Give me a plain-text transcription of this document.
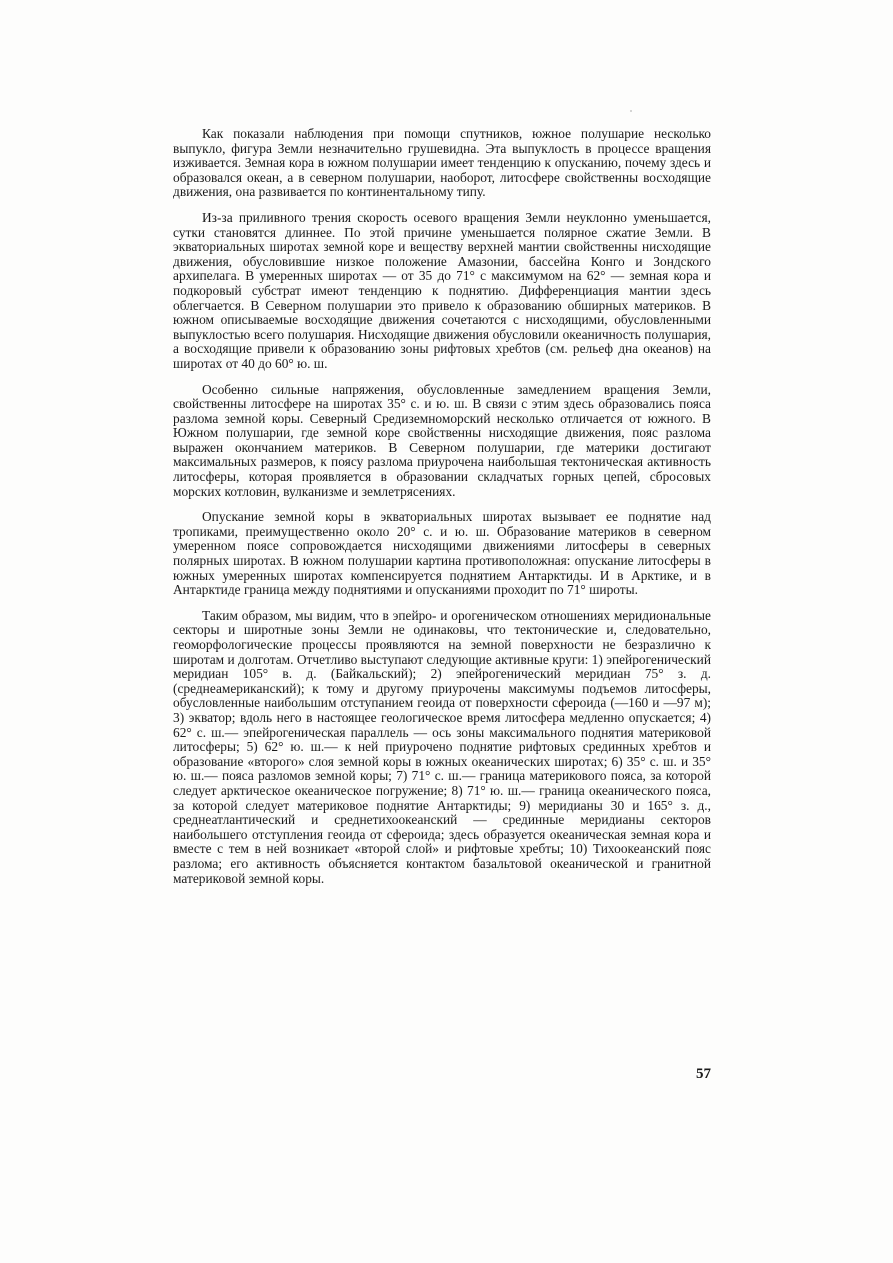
Как показали наблюдения при помощи спутников, южное полушарие несколько выпукло, фигура Земли незначительно грушевидна. Эта выпуклость в процессе вращения изживается. Земная кора в южном полушарии имеет тенденцию к опусканию, почему здесь и образовался океан, а в северном полушарии, наоборот, литосфере свойственны восходящие движения, она развивается по континентальному типу.

Из-за приливного трения скорость осевого вращения Земли неуклонно уменьшается, сутки становятся длиннее. По этой причине уменьшается полярное сжатие Земли. В экваториальных широтах земной коре и веществу верхней мантии свойственны нисходящие движения, обусловившие низкое положение Амазонии, бассейна Конго и Зондского архипелага. В умеренных широтах — от 35 до 71° с максимумом на 62° — земная кора и подкоровый субстрат имеют тенденцию к поднятию. Дифференциация мантии здесь облегчается. В Северном полушарии это привело к образованию обширных материков. В южном описываемые восходящие движения сочетаются с нисходящими, обусловленными выпуклостью всего полушария. Нисходящие движения обусловили океаничность полушария, а восходящие привели к образованию зоны рифтовых хребтов (см. рельеф дна океанов) на широтах от 40 до 60° ю. ш.

Особенно сильные напряжения, обусловленные замедлением вращения Земли, свойственны литосфере на широтах 35° с. и ю. ш. В связи с этим здесь образовались пояса разлома земной коры. Северный Средиземноморский несколько отличается от южного. В Южном полушарии, где земной коре свойственны нисходящие движения, пояс разлома выражен окончанием материков. В Северном полушарии, где материки достигают максимальных размеров, к поясу разлома приурочена наибольшая тектоническая активность литосферы, которая проявляется в образовании складчатых горных цепей, сбросовых морских котловин, вулканизме и землетрясениях.

Опускание земной коры в экваториальных широтах вызывает ее поднятие над тропиками, преимущественно около 20° с. и ю. ш. Образование материков в северном умеренном поясе сопровождается нисходящими движениями литосферы в северных полярных широтах. В южном полушарии картина противоположная: опускание литосферы в южных умеренных широтах компенсируется поднятием Антарктиды. И в Арктике, и в Антарктиде граница между поднятиями и опусканиями проходит по 71° широты.

Таким образом, мы видим, что в эпейро- и орогеническом отношениях меридиональные секторы и широтные зоны Земли не одинаковы, что тектонические и, следовательно, геоморфологические процессы проявляются на земной поверхности не безразлично к широтам и долготам. Отчетливо выступают следующие активные круги: 1) эпейрогенический меридиан 105° в. д. (Байкальский); 2) эпейрогенический меридиан 75° з. д. (среднеамериканский); к тому и другому приурочены максимумы подъемов литосферы, обусловленные наибольшим отступанием геоида от поверхности сфероида (—160 и —97 м); 3) экватор; вдоль него в настоящее геологическое время литосфера медленно опускается; 4) 62° с. ш.— эпейрогеническая параллель — ось зоны максимального поднятия материковой литосферы; 5) 62° ю. ш.— к ней приурочено поднятие рифтовых срединных хребтов и образование «второго» слоя земной коры в южных океанических широтах; 6) 35° с. ш. и 35° ю. ш.— пояса разломов земной коры; 7) 71° с. ш.— граница материкового пояса, за которой следует арктическое океаническое погружение; 8) 71° ю. ш.— граница океанического пояса, за которой следует материковое поднятие Антарктиды; 9) меридианы 30 и 165° з. д., среднеатлантический и среднетихоокеанский — срединные меридианы секторов наибольшего отступления геоида от сфероида; здесь образуется океаническая земная кора и вместе с тем в ней возникает «второй слой» и рифтовые хребты; 10) Тихоокеанский пояс разлома; его активность объясняется контактом базальтовой океанической и гранитной материковой земной коры.

57
